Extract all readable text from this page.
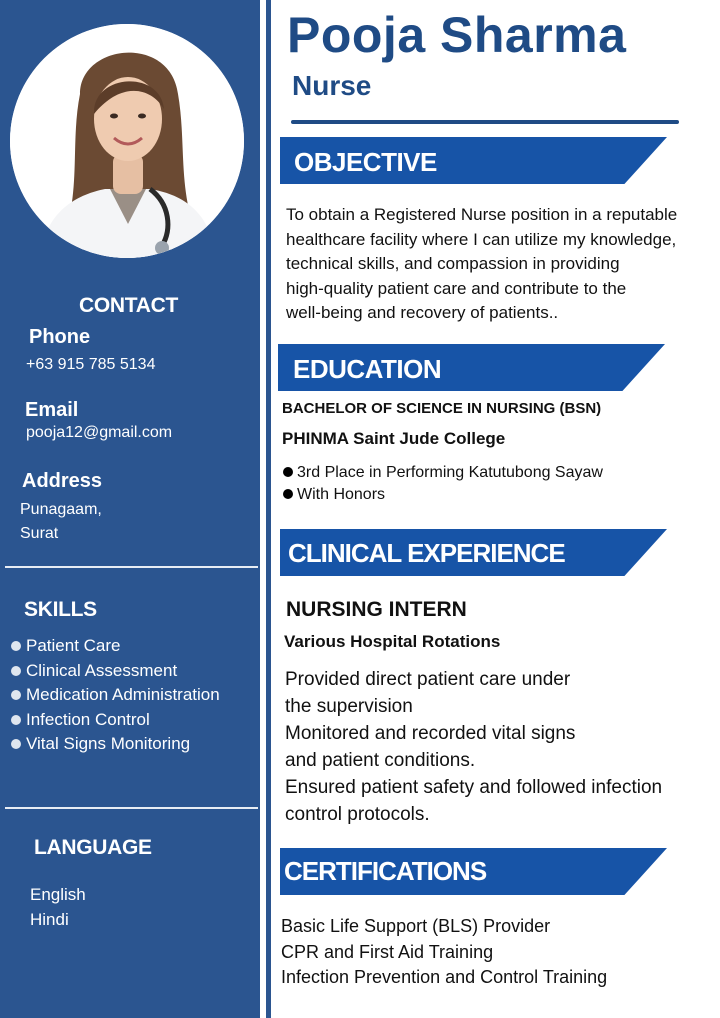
CONTACT
Phone
+63 915 785 5134
Email
pooja12@gmail.com
Address
Punagaam,
Surat
SKILLS
Patient Care
Clinical Assessment
Medication Administration
Infection Control
Vital Signs Monitoring
LANGUAGE
English
Hindi
Pooja Sharma
Nurse
OBJECTIVE
To obtain a Registered Nurse position in a reputable
healthcare facility where I can utilize my knowledge,
technical skills, and compassion in providing
high-quality patient care and contribute to the
well-being and recovery of patients..
EDUCATION
BACHELOR OF SCIENCE IN NURSING (BSN)
PHINMA Saint Jude College
3rd Place in Performing Katutubong Sayaw
With Honors
CLINICAL EXPERIENCE
NURSING INTERN
Various Hospital Rotations
Provided direct patient care under
the supervision
Monitored and recorded vital signs
and patient conditions.
Ensured patient safety and followed infection
control protocols.
CERTIFICATIONS
Basic Life Support (BLS) Provider
CPR and First Aid Training
Infection Prevention and Control Training
